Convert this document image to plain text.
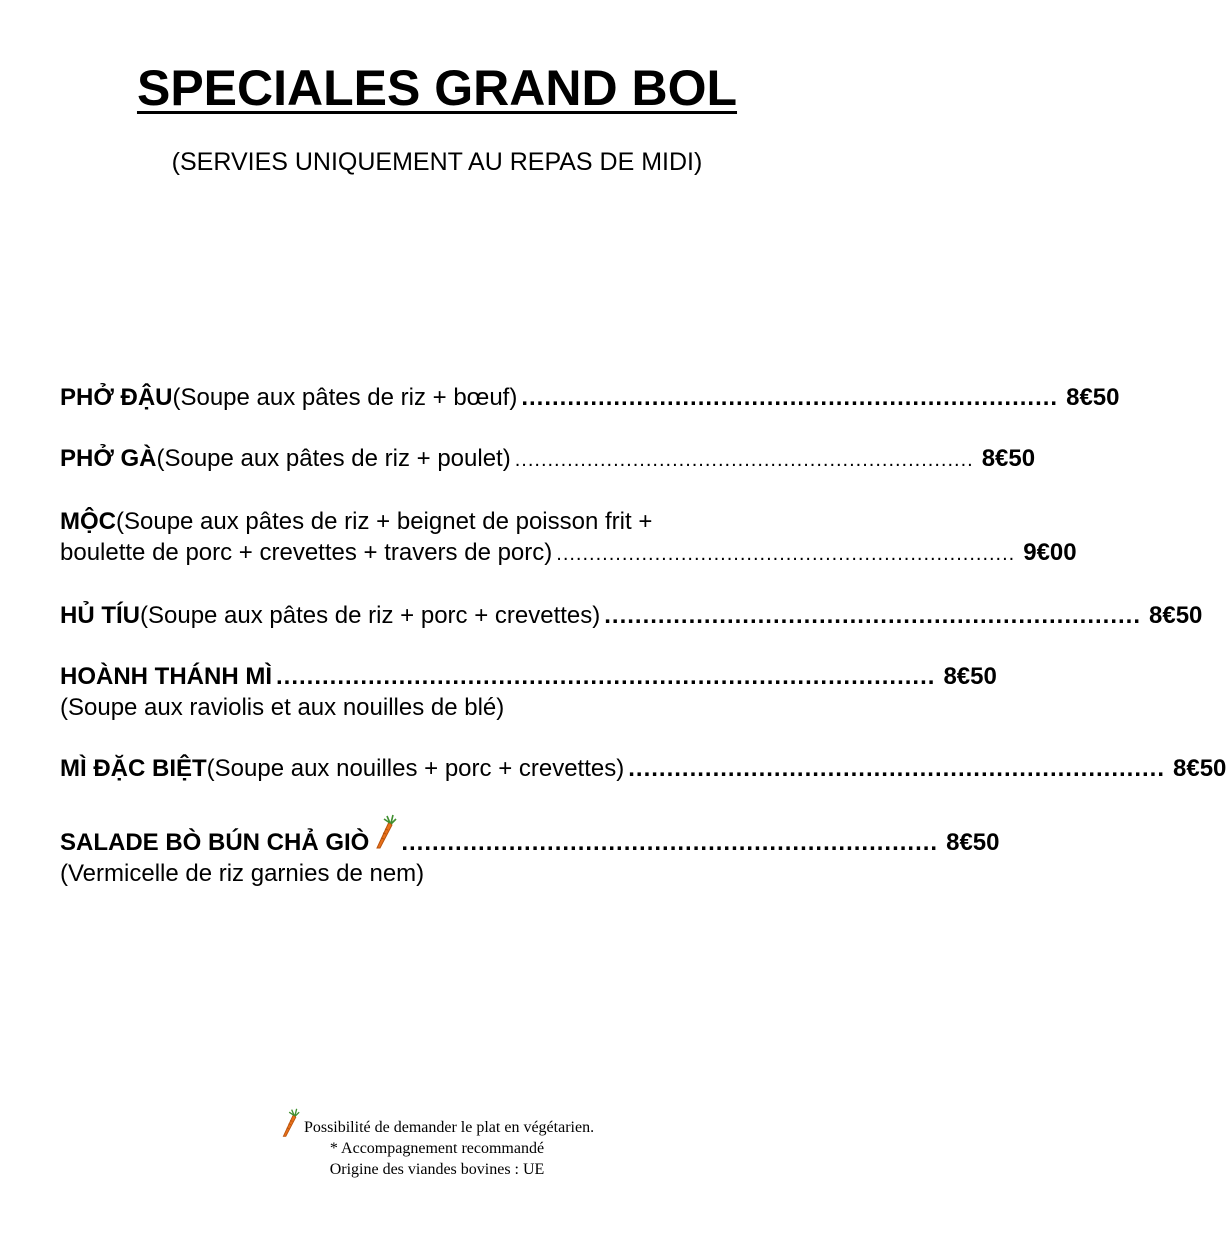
SPECIALES GRAND BOL
(SERVIES UNIQUEMENT AU REPAS DE MIDI)
PHỞ ĐẬU (Soupe aux pâtes de riz + bœuf) ...................................................................... 8€50
PHỞ GÀ (Soupe aux pâtes de riz + poulet) ...................................................................... 8€50
MỘC (Soupe aux pâtes de riz + beignet de poisson frit +
boulette de porc + crevettes + travers de porc) ...................................................................... 9€00
HỦ TÍU (Soupe aux pâtes de riz + porc + crevettes) ...................................................................... 8€50
HOÀNH THÁNH MÌ ...................................................................................... 8€50
(Soupe aux raviolis et aux nouilles de blé)
MÌ ĐẶC BIỆT (Soupe aux nouilles + porc + crevettes) ...................................................................... 8€50
SALADE BÒ BÚN CHẢ GIÒ ...................................................................... 8€50
(Vermicelle de riz garnies de nem)
Possibilité de demander le plat en végétarien.
* Accompagnement recommandé
Origine des viandes bovines : UE
